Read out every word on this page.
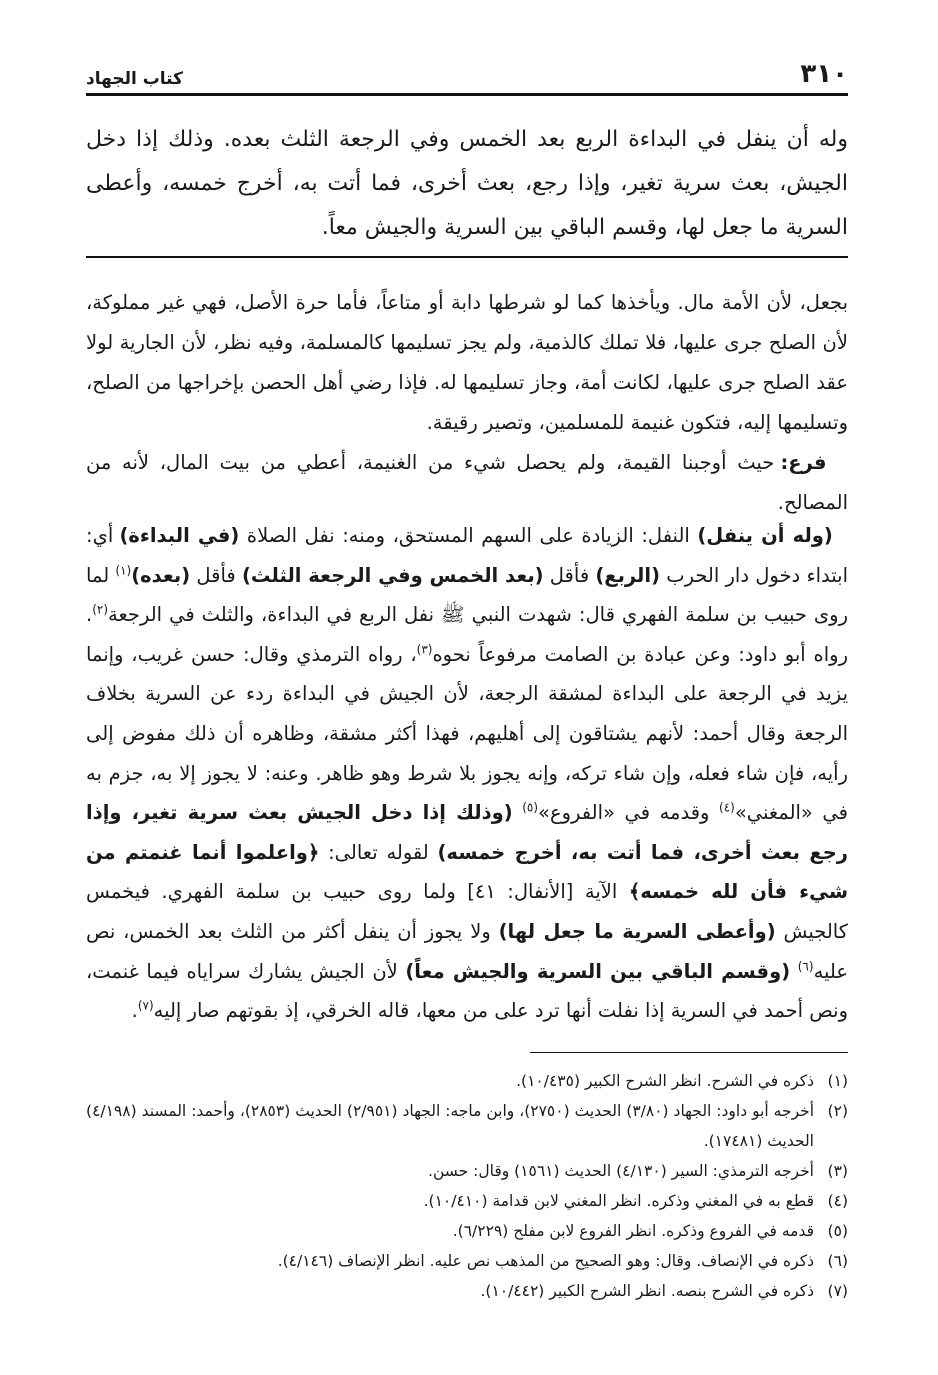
٣١٠
كتاب الجهاد
وله أن ينفل في البداءة الربع بعد الخمس وفي الرجعة الثلث بعده. وذلك إذا دخل الجيش، بعث سرية تغير، وإذا رجع، بعث أخرى، فما أتت به، أخرج خمسه، وأعطى السرية ما جعل لها، وقسم الباقي بين السرية والجيش معاً.

بجعل، لأن الأمة مال. ويأخذها كما لو شرطها دابة أو متاعاً، فأما حرة الأصل، فهي غير مملوكة، لأن الصلح جرى عليها، فلا تملك كالذمية، ولم يجز تسليمها كالمسلمة، وفيه نظر، لأن الجارية لولا عقد الصلح جرى عليها، لكانت أمة، وجاز تسليمها له. فإذا رضي أهل الحصن بإخراجها من الصلح، وتسليمها إليه، فتكون غنيمة للمسلمين، وتصير رقيقة.

فرع: حيث أوجبنا القيمة، ولم يحصل شيء من الغنيمة، أعطي من بيت المال، لأنه من المصالح.

(وله أن ينفل) النفل: الزيادة على السهم المستحق، ومنه: نفل الصلاة (في البداءة) أي: ابتداء دخول دار الحرب (الربع) فأقل (بعد الخمس وفي الرجعة الثلث) فأقل (بعده)$^{(١)}$ لما روى حبيب بن سلمة الفهري قال: شهدت النبي ﷺ نفل الربع في البداءة، والثلث في الرجعة$^{(٢)}$. رواه أبو داود: وعن عبادة بن الصامت مرفوعاً نحوه$^{(٣)}$، رواه الترمذي وقال: حسن غريب، وإنما يزيد في الرجعة على البداءة لمشقة الرجعة، لأن الجيش في البداءة ردء عن السرية بخلاف الرجعة وقال أحمد: لأنهم يشتاقون إلى أهليهم، فهذا أكثر مشقة، وظاهره أن ذلك مفوض إلى رأيه، فإن شاء فعله، وإن شاء تركه، وإنه يجوز بلا شرط وهو ظاهر. وعنه: لا يجوز إلا به، جزم به في «المغني»$^{(٤)}$ وقدمه في «الفروع»$^{(٥)}$ (وذلك إذا دخل الجيش بعث سرية تغير، وإذا رجع بعث أخرى، فما أتت به، أخرج خمسه) لقوله تعالى: ﴿واعلموا أنما غنمتم من شيء فأن لله خمسه﴾ الآية [الأنفال: ٤١] ولما روى حبيب بن سلمة الفهري. فيخمس كالجيش (وأعطى السرية ما جعل لها) ولا يجوز أن ينفل أكثر من الثلث بعد الخمس، نص عليه$^{(٦)}$ (وقسم الباقي بين السرية والجيش معاً) لأن الجيش يشارك سراياه فيما غنمت، ونص أحمد في السرية إذا نفلت أنها ترد على من معها، قاله الخرقي، إذ بقوتهم صار إليه$^{(٧)}$.

(١)
ذكره في الشرح. انظر الشرح الكبير (١٠/٤٣٥).
(٢)
أخرجه أبو داود: الجهاد (٣/٨٠) الحديث (٢٧٥٠)، وابن ماجه: الجهاد (٢/٩٥١) الحديث (٢٨٥٣)، وأحمد: المسند (٤/١٩٨) الحديث (١٧٤٨١).
(٣)
أخرجه الترمذي: السير (٤/١٣٠) الحديث (١٥٦١) وقال: حسن.
(٤)
قطع به في المغني وذكره. انظر المغني لابن قدامة (١٠/٤١٠).
(٥)
قدمه في الفروع وذكره. انظر الفروع لابن مفلح (٦/٢٢٩).
(٦)
ذكره في الإنصاف. وقال: وهو الصحيح من المذهب نص عليه. انظر الإنصاف (٤/١٤٦).
(٧)
ذكره في الشرح بنصه. انظر الشرح الكبير (١٠/٤٤٢).
